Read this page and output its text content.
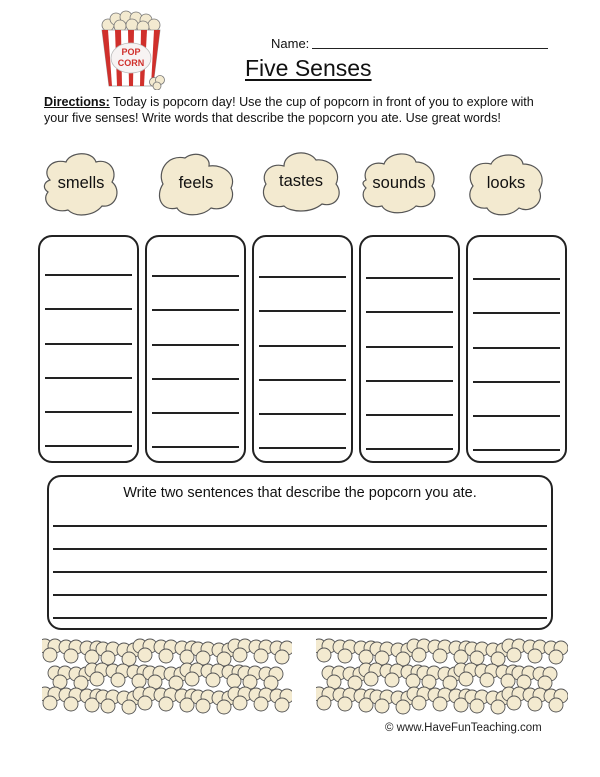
POP
CORN
Name:
Five Senses
Directions: Today is popcorn day! Use the cup of popcorn in front of you to explore with your five senses! Write words that describe the popcorn you ate. Use great words!
smells	feels	tastes	sounds	looks
Write two sentences that describe the popcorn you ate.
© www.HaveFunTeaching.com
